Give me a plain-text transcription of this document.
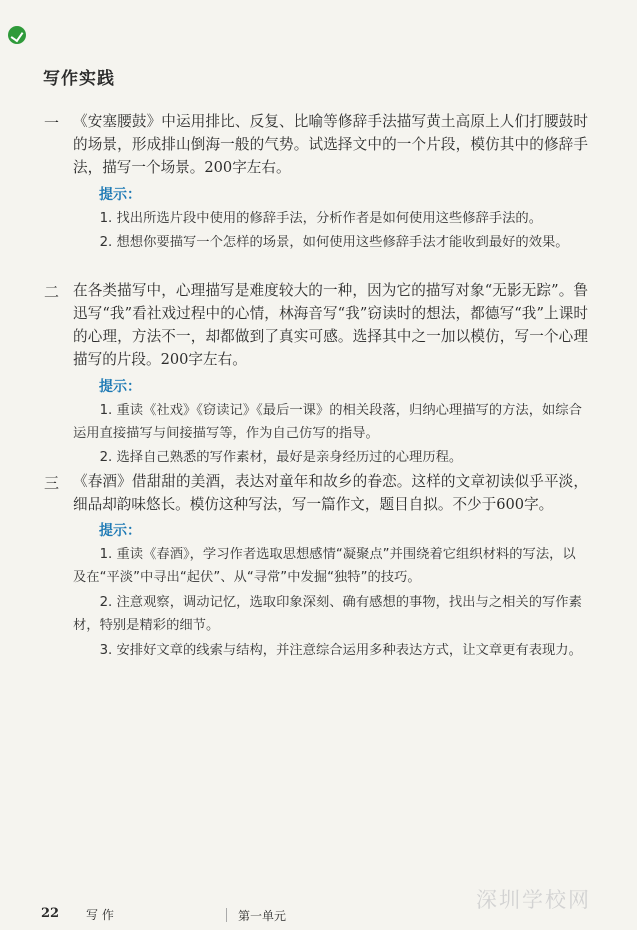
写作实践
一 《安塞腰鼓》中运用排比、反复、比喻等修辞手法描写黄土高原上人们打腰鼓时的场景，形成排山倒海一般的气势。试选择文中的一个片段，模仿其中的修辞手法，描写一个场景。200字左右。
提示：
1. 找出所选片段中使用的修辞手法，分析作者是如何使用这些修辞手法的。
2. 想想你要描写一个怎样的场景，如何使用这些修辞手法才能收到最好的效果。
二 在各类描写中，心理描写是难度较大的一种，因为它的描写对象“无影无踪”。鲁迅写“我”看社戏过程中的心情，林海音写“我”窃读时的想法，都德写“我”上课时的心理，方法不一，却都做到了真实可感。选择其中之一加以模仿，写一个心理描写的片段。200字左右。
提示：
1. 重读《社戏》《窃读记》《最后一课》的相关段落，归纳心理描写的方法，如综合运用直接描写与间接描写等，作为自己仿写的指导。
2. 选择自己熟悉的写作素材，最好是亲身经历过的心理历程。
三 《春酒》借甜甜的美酒，表达对童年和故乡的眷恋。这样的文章初读似乎平淡，细品却韵味悠长。模仿这种写法，写一篇作文，题目自拟。不少于600字。
提示：
1. 重读《春酒》，学习作者选取思想感情“凝聚点”并围绕着它组织材料的写法，以及在“平淡”中寻出“起伏”、从“寻常”中发掘“独特”的技巧。
2. 注意观察，调动记忆，选取印象深刻、确有感想的事物，找出与之相关的写作素材，特别是精彩的细节。
3. 安排好文章的线索与结构，并注意综合运用多种表达方式，让文章更有表现力。
深圳学校网
22 写 作	第一单元
